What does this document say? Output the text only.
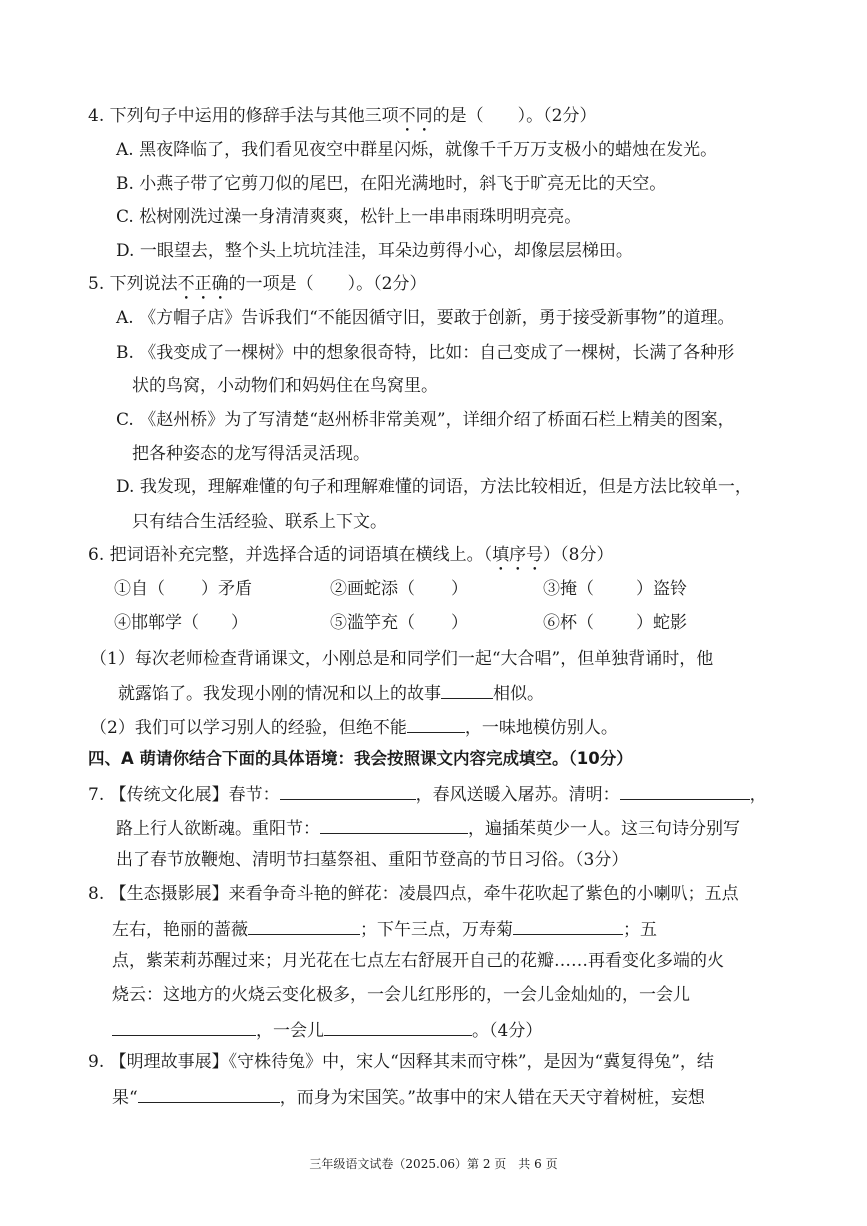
4. 下列句子中运用的修辞手法与其他三项不同的是（　　）。（2分）
A. 黑夜降临了，我们看见夜空中群星闪烁，就像千千万万支极小的蜡烛在发光。
B. 小燕子带了它剪刀似的尾巴，在阳光满地时，斜飞于旷亮无比的天空。
C. 松树刚洗过澡一身清清爽爽，松针上一串串雨珠明明亮亮。
D. 一眼望去，整个头上坑坑洼洼，耳朵边剪得小心，却像层层梯田。
5. 下列说法不正确的一项是（　　）。（2分）
A. 《方帽子店》告诉我们“不能因循守旧，要敢于创新，勇于接受新事物”的道理。
B. 《我变成了一棵树》中的想象很奇特，比如：自己变成了一棵树，长满了各种形
状的鸟窝，小动物们和妈妈住在鸟窝里。
C. 《赵州桥》为了写清楚“赵州桥非常美观”，详细介绍了桥面石栏上精美的图案，
把各种姿态的龙写得活灵活现。
D. 我发现，理解难懂的句子和理解难懂的词语，方法比较相近，但是方法比较单一，
只有结合生活经验、联系上下文。
6. 把词语补充完整，并选择合适的词语填在横线上。（填序号）（8分）
①自（ ）矛盾	②画蛇添（ ）	③掩（ ）盗铃
④邯郸学（ ）	⑤滥竽充（ ）	⑥杯（ ）蛇影
（1）每次老师检查背诵课文，小刚总是和同学们一起“大合唱”，但单独背诵时，他
就露馅了。我发现小刚的情况和以上的故事	相似。
（2）我们可以学习别人的经验，但绝不能	，一味地模仿别人。
四、A 萌请你结合下面的具体语境：我会按照课文内容完成填空。（10分）
7. 【传统文化展】春节：	，春风送暖入屠苏。清明：	，
路上行人欲断魂。重阳节：	，遍插茱萸少一人。这三句诗分别写
出了春节放鞭炮、清明节扫墓祭祖、重阳节登高的节日习俗。（3分）
8. 【生态摄影展】来看争奇斗艳的鲜花：凌晨四点，牵牛花吹起了紫色的小喇叭；五点
左右，艳丽的蔷薇	；下午三点，万寿菊	；五
点，紫茉莉苏醒过来；月光花在七点左右舒展开自己的花瓣……再看变化多端的火
烧云：这地方的火烧云变化极多，一会儿红彤彤的，一会儿金灿灿的，一会儿
，一会儿	。（4分）
9. 【明理故事展】《守株待兔》中，宋人“因释其耒而守株”，是因为“冀复得兔”，结
果“	，而身为宋国笑。”故事中的宋人错在天天守着树桩，妄想
三年级语文试卷（2025.06）第 2 页　共 6 页
